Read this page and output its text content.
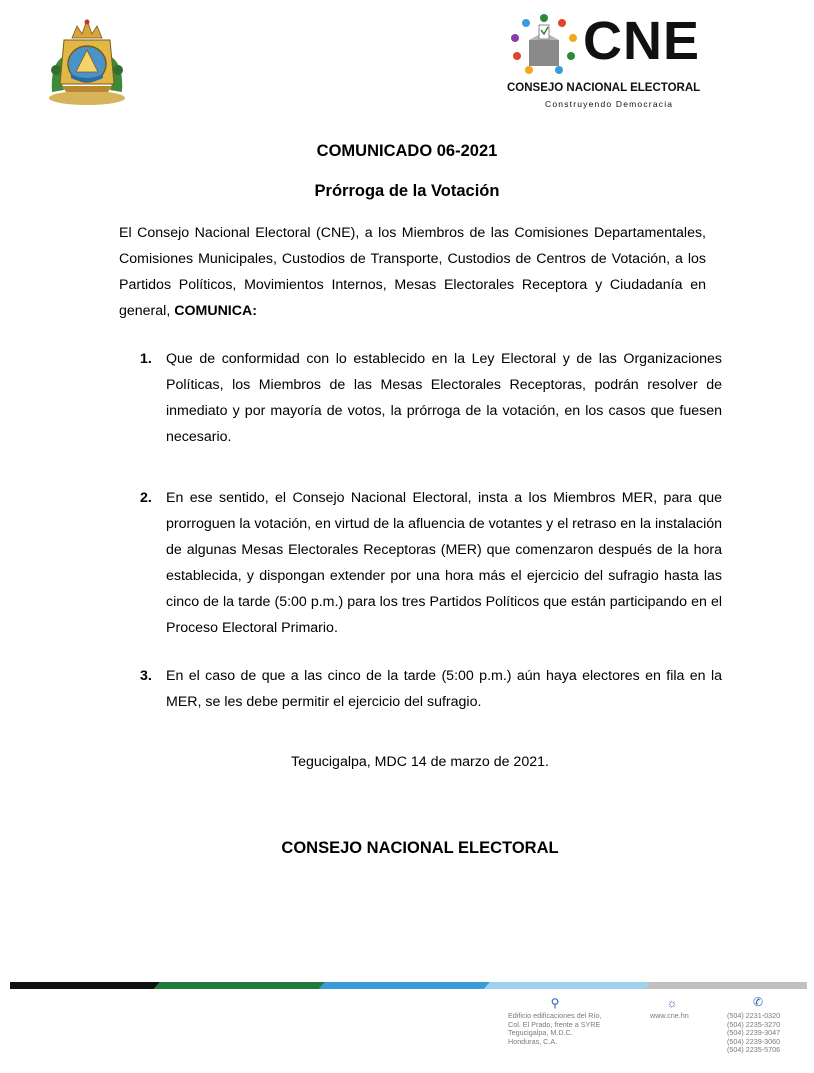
CNE
CONSEJO NACIONAL ELECTORAL
Construyendo Democracia
COMUNICADO 06-2021
Prórroga de la Votación
El Consejo Nacional Electoral (CNE), a los Miembros de las Comisiones Departamentales, Comisiones Municipales, Custodios de Transporte, Custodios de Centros de Votación, a los Partidos Políticos, Movimientos Internos, Mesas Electorales Receptora y Ciudadanía en general, COMUNICA:
1. Que de conformidad con lo establecido en la Ley Electoral y de las Organizaciones Políticas, los Miembros de las Mesas Electorales Receptoras, podrán resolver de inmediato y por mayoría de votos, la prórroga de la votación, en los casos que fuesen necesario.
2. En ese sentido, el Consejo Nacional Electoral, insta a los Miembros MER, para que prorroguen la votación, en virtud de la afluencia de votantes y el retraso en la instalación de algunas Mesas Electorales Receptoras (MER) que comenzaron después de la hora establecida, y dispongan extender por una hora más el ejercicio del sufragio hasta las cinco de la tarde (5:00 p.m.) para los tres Partidos Políticos que están participando en el Proceso Electoral Primario.
3. En el caso de que a las cinco de la tarde (5:00 p.m.) aún haya electores en fila en la MER, se les debe permitir el ejercicio del sufragio.
Tegucigalpa, MDC 14 de marzo de 2021.
CONSEJO NACIONAL ELECTORAL
⚲
Edificio edificaciones del Río,
Col. El Prado, frente a SYRE
Tegucigalpa, M.D.C.
Honduras, C.A.
☼
www.cne.hn
✆
(504) 2231-0320
(504) 2235-3270
(504) 2239-3047
(504) 2239-3060
(504) 2235-5706
